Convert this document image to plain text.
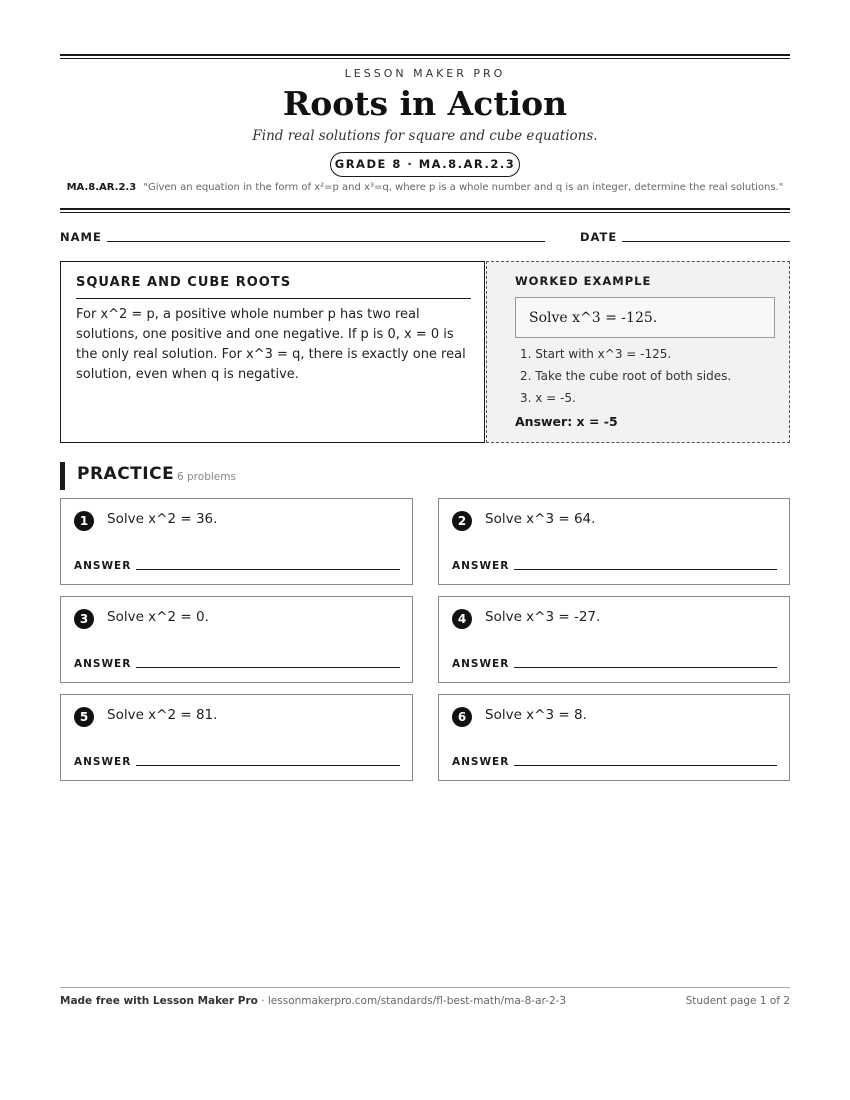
LESSON MAKER PRO
Roots in Action
Find real solutions for square and cube equations.
GRADE 8 · MA.8.AR.2.3
MA.8.AR.2.3 "Given an equation in the form of x²=p and x³=q, where p is a whole number and q is an integer, determine the real solutions."
NAME	DATE
SQUARE AND CUBE ROOTS

For x^2 = p, a positive whole number p has two real solutions, one positive and one negative. If p is 0, x = 0 is the only real solution. For x^3 = q, there is exactly one real solution, even when q is negative.

WORKED EXAMPLE
Solve x^3 = -125.
1. Start with x^3 = -125.
2. Take the cube root of both sides.
3. x = -5.
Answer: x = -5
PRACTICE 6 problems
1	Solve x^2 = 36.
ANSWER
2	Solve x^3 = 64.
ANSWER
3	Solve x^2 = 0.
ANSWER
4	Solve x^3 = -27.
ANSWER
5	Solve x^2 = 81.
ANSWER
6	Solve x^3 = 8.
ANSWER
Made free with Lesson Maker Pro · lessonmakerpro.com/standards/fl-best-math/ma-8-ar-2-3	Student page 1 of 2
